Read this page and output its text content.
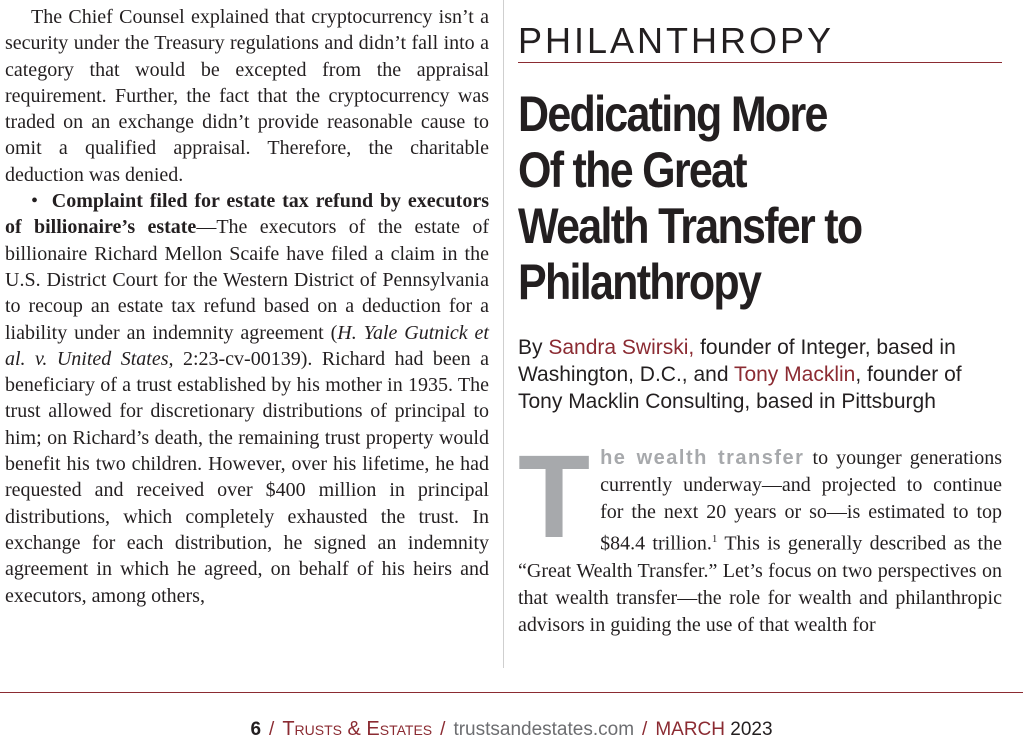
The Chief Counsel explained that cryptocurrency isn’t a security under the Treasury regulations and didn’t fall into a category that would be excepted from the appraisal requirement. Further, the fact that the cryptocurrency was traded on an exchange didn’t provide reasonable cause to omit a qualified appraisal. Therefore, the charitable deduction was denied.

• Complaint filed for estate tax refund by executors of billionaire’s estate—The executors of the estate of billionaire Richard Mellon Scaife have filed a claim in the U.S. District Court for the Western District of Pennsylvania to recoup an estate tax refund based on a deduction for a liability under an indemnity agreement (H. Yale Gutnick et al. v. United States, 2:23-cv-00139). Richard had been a beneficiary of a trust established by his mother in 1935. The trust allowed for discretionary distributions of principal to him; on Richard’s death, the remaining trust property would benefit his two children. However, over his lifetime, he had requested and received over $400 million in principal distributions, which completely exhausted the trust. In exchange for each distribution, he signed an indemnity agreement in which he agreed, on behalf of his heirs and executors, among others,

PHILANTHROPY
Dedicating More
Of the Great
Wealth Transfer to
Philanthropy
By Sandra Swirski, founder of Integer, based in Washington, D.C., and Tony Macklin, founder of Tony Macklin Consulting, based in Pittsburgh
The wealth transfer to younger generations currently underway—and projected to continue for the next 20 years or so—is estimated to top $84.4 trillion.$^1$ This is generally described as the “Great Wealth Transfer.” Let’s focus on two perspectives on that wealth transfer—the role for wealth and philanthropic advisors in guiding the use of that wealth for
6 / Trusts & Estates / trustsandestates.com / MARCH 2023
